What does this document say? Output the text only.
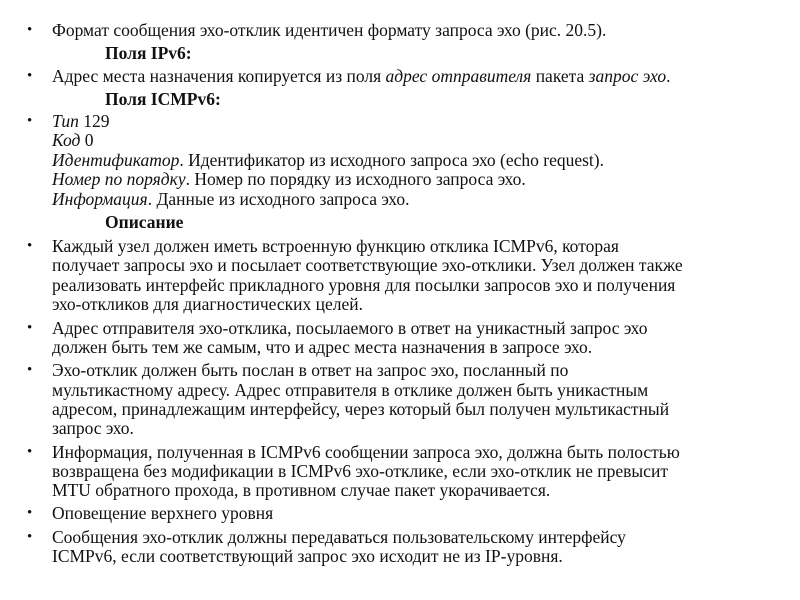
• Формат сообщения эхо-отклик идентичен формату запроса эхо (рис. 20.5).
Поля IPv6:
• Адрес места назначения копируется из поля адрес отправителя пакета запрос эхо.
Поля ICMPv6:
• Тип 129
Код 0
Идентификатор. Идентификатор из исходного запроса эхо (echo request).
Номер по порядку. Номер по порядку из исходного запроса эхо.
Информация. Данные из исходного запроса эхо.
Описание
• Каждый узел должен иметь встроенную функцию отклика ICMPv6, которая
получает запросы эхо и посылает соответствующие эхо-отклики. Узел должен также
реализовать интерфейс прикладного уровня для посылки запросов эхо и получения
эхо-откликов для диагностических целей.
• Адрес отправителя эхо-отклика, посылаемого в ответ на уникастный запрос эхо
должен быть тем же самым, что и адрес места назначения в запросе эхо.
• Эхо-отклик должен быть послан в ответ на запрос эхо, посланный по
мультикастному адресу. Адрес отправителя в отклике должен быть уникастным
адресом, принадлежащим интерфейсу, через который был получен мультикастный
запрос эхо.
• Информация, полученная в ICMPv6 сообщении запроса эхо, должна быть полостью
возвращена без модификации в ICMPv6 эхо-отклике, если эхо-отклик не превысит
MTU обратного прохода, в противном случае пакет укорачивается.
• Оповещение верхнего уровня
• Сообщения эхо-отклик должны передаваться пользовательскому интерфейсу
ICMPv6, если соответствующий запрос эхо исходит не из IP-уровня.
